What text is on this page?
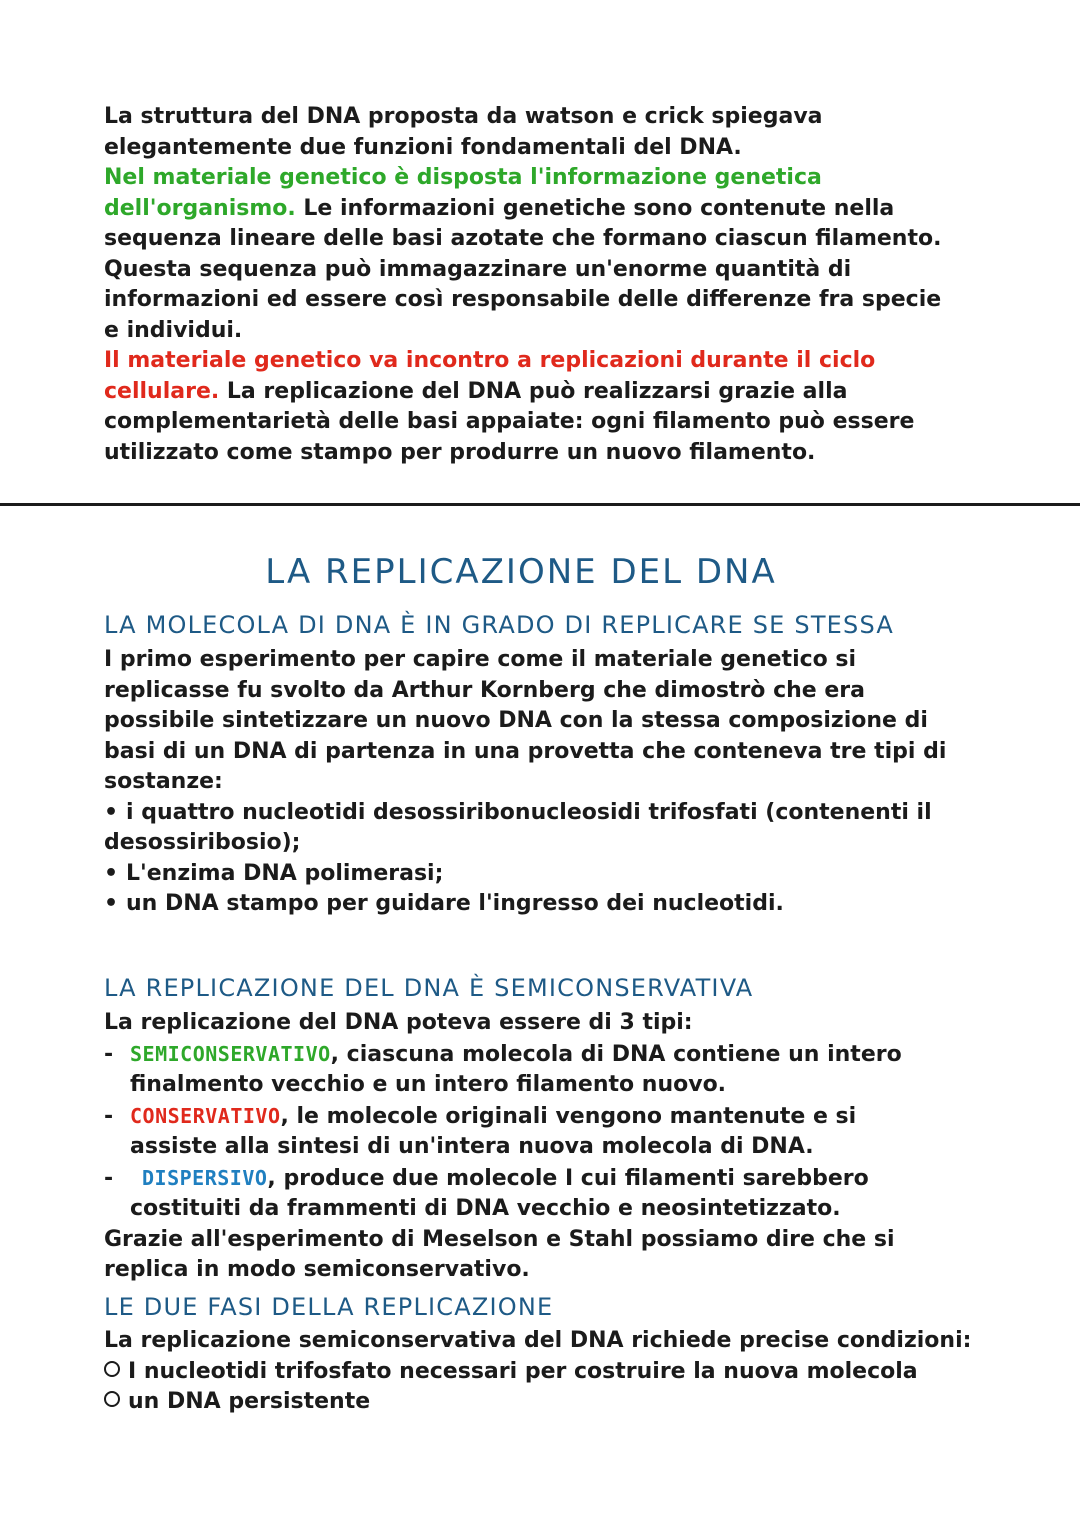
La struttura del DNA proposta da watson e crick spiegava
elegantemente due funzioni fondamentali del DNA.
Nel materiale genetico è disposta l'informazione genetica
dell'organismo. Le informazioni genetiche sono contenute nella
sequenza lineare delle basi azotate che formano ciascun filamento.
Questa sequenza può immagazzinare un'enorme quantità di
informazioni ed essere così responsabile delle differenze fra specie
e individui.
Il materiale genetico va incontro a replicazioni durante il ciclo
cellulare. La replicazione del DNA può realizzarsi grazie alla
complementarietà delle basi appaiate: ogni filamento può essere
utilizzato come stampo per produrre un nuovo filamento.
LA REPLICAZIONE DEL DNA
LA MOLECOLA DI DNA È IN GRADO DI REPLICARE SE STESSA
I primo esperimento per capire come il materiale genetico si
replicasse fu svolto da Arthur Kornberg che dimostrò che era
possibile sintetizzare un nuovo DNA con la stessa composizione di
basi di un DNA di partenza in una provetta che conteneva tre tipi di
sostanze:
• i quattro nucleotidi desossiribonucleosidi trifosfati (contenenti il
desossiribosio);
• L'enzima DNA polimerasi;
• un DNA stampo per guidare l'ingresso dei nucleotidi.
LA REPLICAZIONE DEL DNA È SEMICONSERVATIVA
La replicazione del DNA poteva essere di 3 tipi:
- SEMICONSERVATIVO, ciascuna molecola di DNA contiene un intero
finalmento vecchio e un intero filamento nuovo.
- CONSERVATIVO, le molecole originali vengono mantenute e si
assiste alla sintesi di un'intera nuova molecola di DNA.
- DISPERSIVO, produce due molecole I cui filamenti sarebbero
costituiti da frammenti di DNA vecchio e neosintetizzato.
Grazie all'esperimento di Meselson e Stahl possiamo dire che si
replica in modo semiconservativo.
LE DUE FASI DELLA REPLICAZIONE
La replicazione semiconservativa del DNA richiede precise condizioni:
I nucleotidi trifosfato necessari per costruire la nuova molecola
un DNA persistente
